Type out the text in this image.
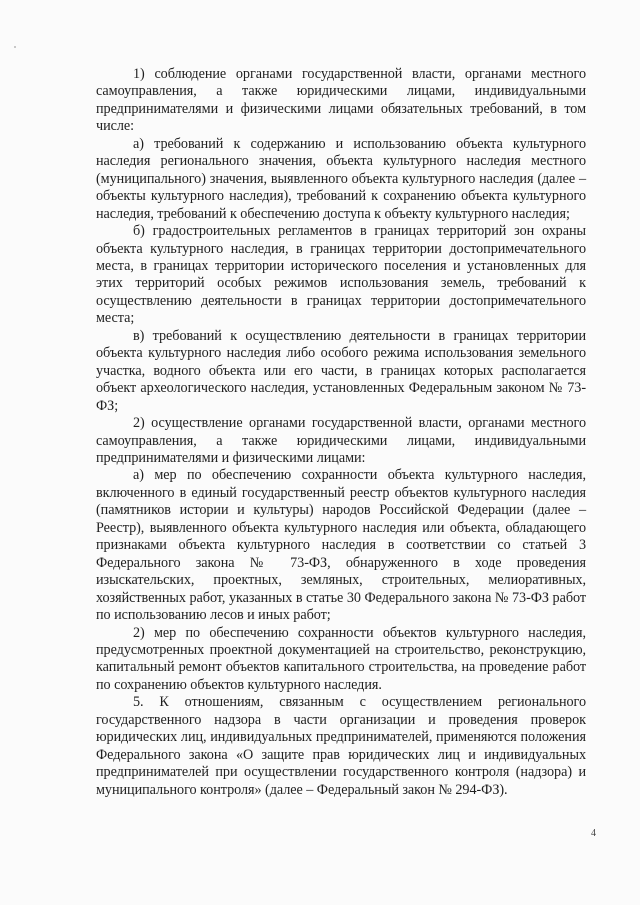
1) соблюдение органами государственной власти, органами местного самоуправления, а также юридическими лицами, индивидуальными предпринимателями и физическими лицами обязательных требований, в том числе:

а) требований к содержанию и использованию объекта культурного наследия регионального значения, объекта культурного наследия местного (муниципального) значения, выявленного объекта культурного наследия (далее – объекты культурного наследия), требований к сохранению объекта культурного наследия, требований к обеспечению доступа к объекту культурного наследия;

б) градостроительных регламентов в границах территорий зон охраны объекта культурного наследия, в границах территории достопримечательного места, в границах территории исторического поселения и установленных для этих территорий особых режимов использования земель, требований к осуществлению деятельности в границах территории достопримечательного места;

в) требований к осуществлению деятельности в границах территории объекта культурного наследия либо особого режима использования земельного участка, водного объекта или его части, в границах которых располагается объект археологического наследия, установленных Федеральным законом № 73-ФЗ;

2) осуществление органами государственной власти, органами местного самоуправления, а также юридическими лицами, индивидуальными предпринимателями и физическими лицами:

а) мер по обеспечению сохранности объекта культурного наследия, включенного в единый государственный реестр объектов культурного наследия (памятников истории и культуры) народов Российской Федерации (далее – Реестр), выявленного объекта культурного наследия или объекта, обладающего признаками объекта культурного наследия в соответствии со статьей 3 Федерального закона № 73-ФЗ, обнаруженного в ходе проведения изыскательских, проектных, земляных, строительных, мелиоративных, хозяйственных работ, указанных в статье 30 Федерального закона № 73-ФЗ работ по использованию лесов и иных работ;

2) мер по обеспечению сохранности объектов культурного наследия, предусмотренных проектной документацией на строительство, реконструкцию, капитальный ремонт объектов капитального строительства, на проведение работ по сохранению объектов культурного наследия.

5. К отношениям, связанным с осуществлением регионального государственного надзора в части организации и проведения проверок юридических лиц, индивидуальных предпринимателей, применяются положения Федерального закона «О защите прав юридических лиц и индивидуальных предпринимателей при осуществлении государственного контроля (надзора) и муниципального контроля» (далее – Федеральный закон № 294-ФЗ).

4
